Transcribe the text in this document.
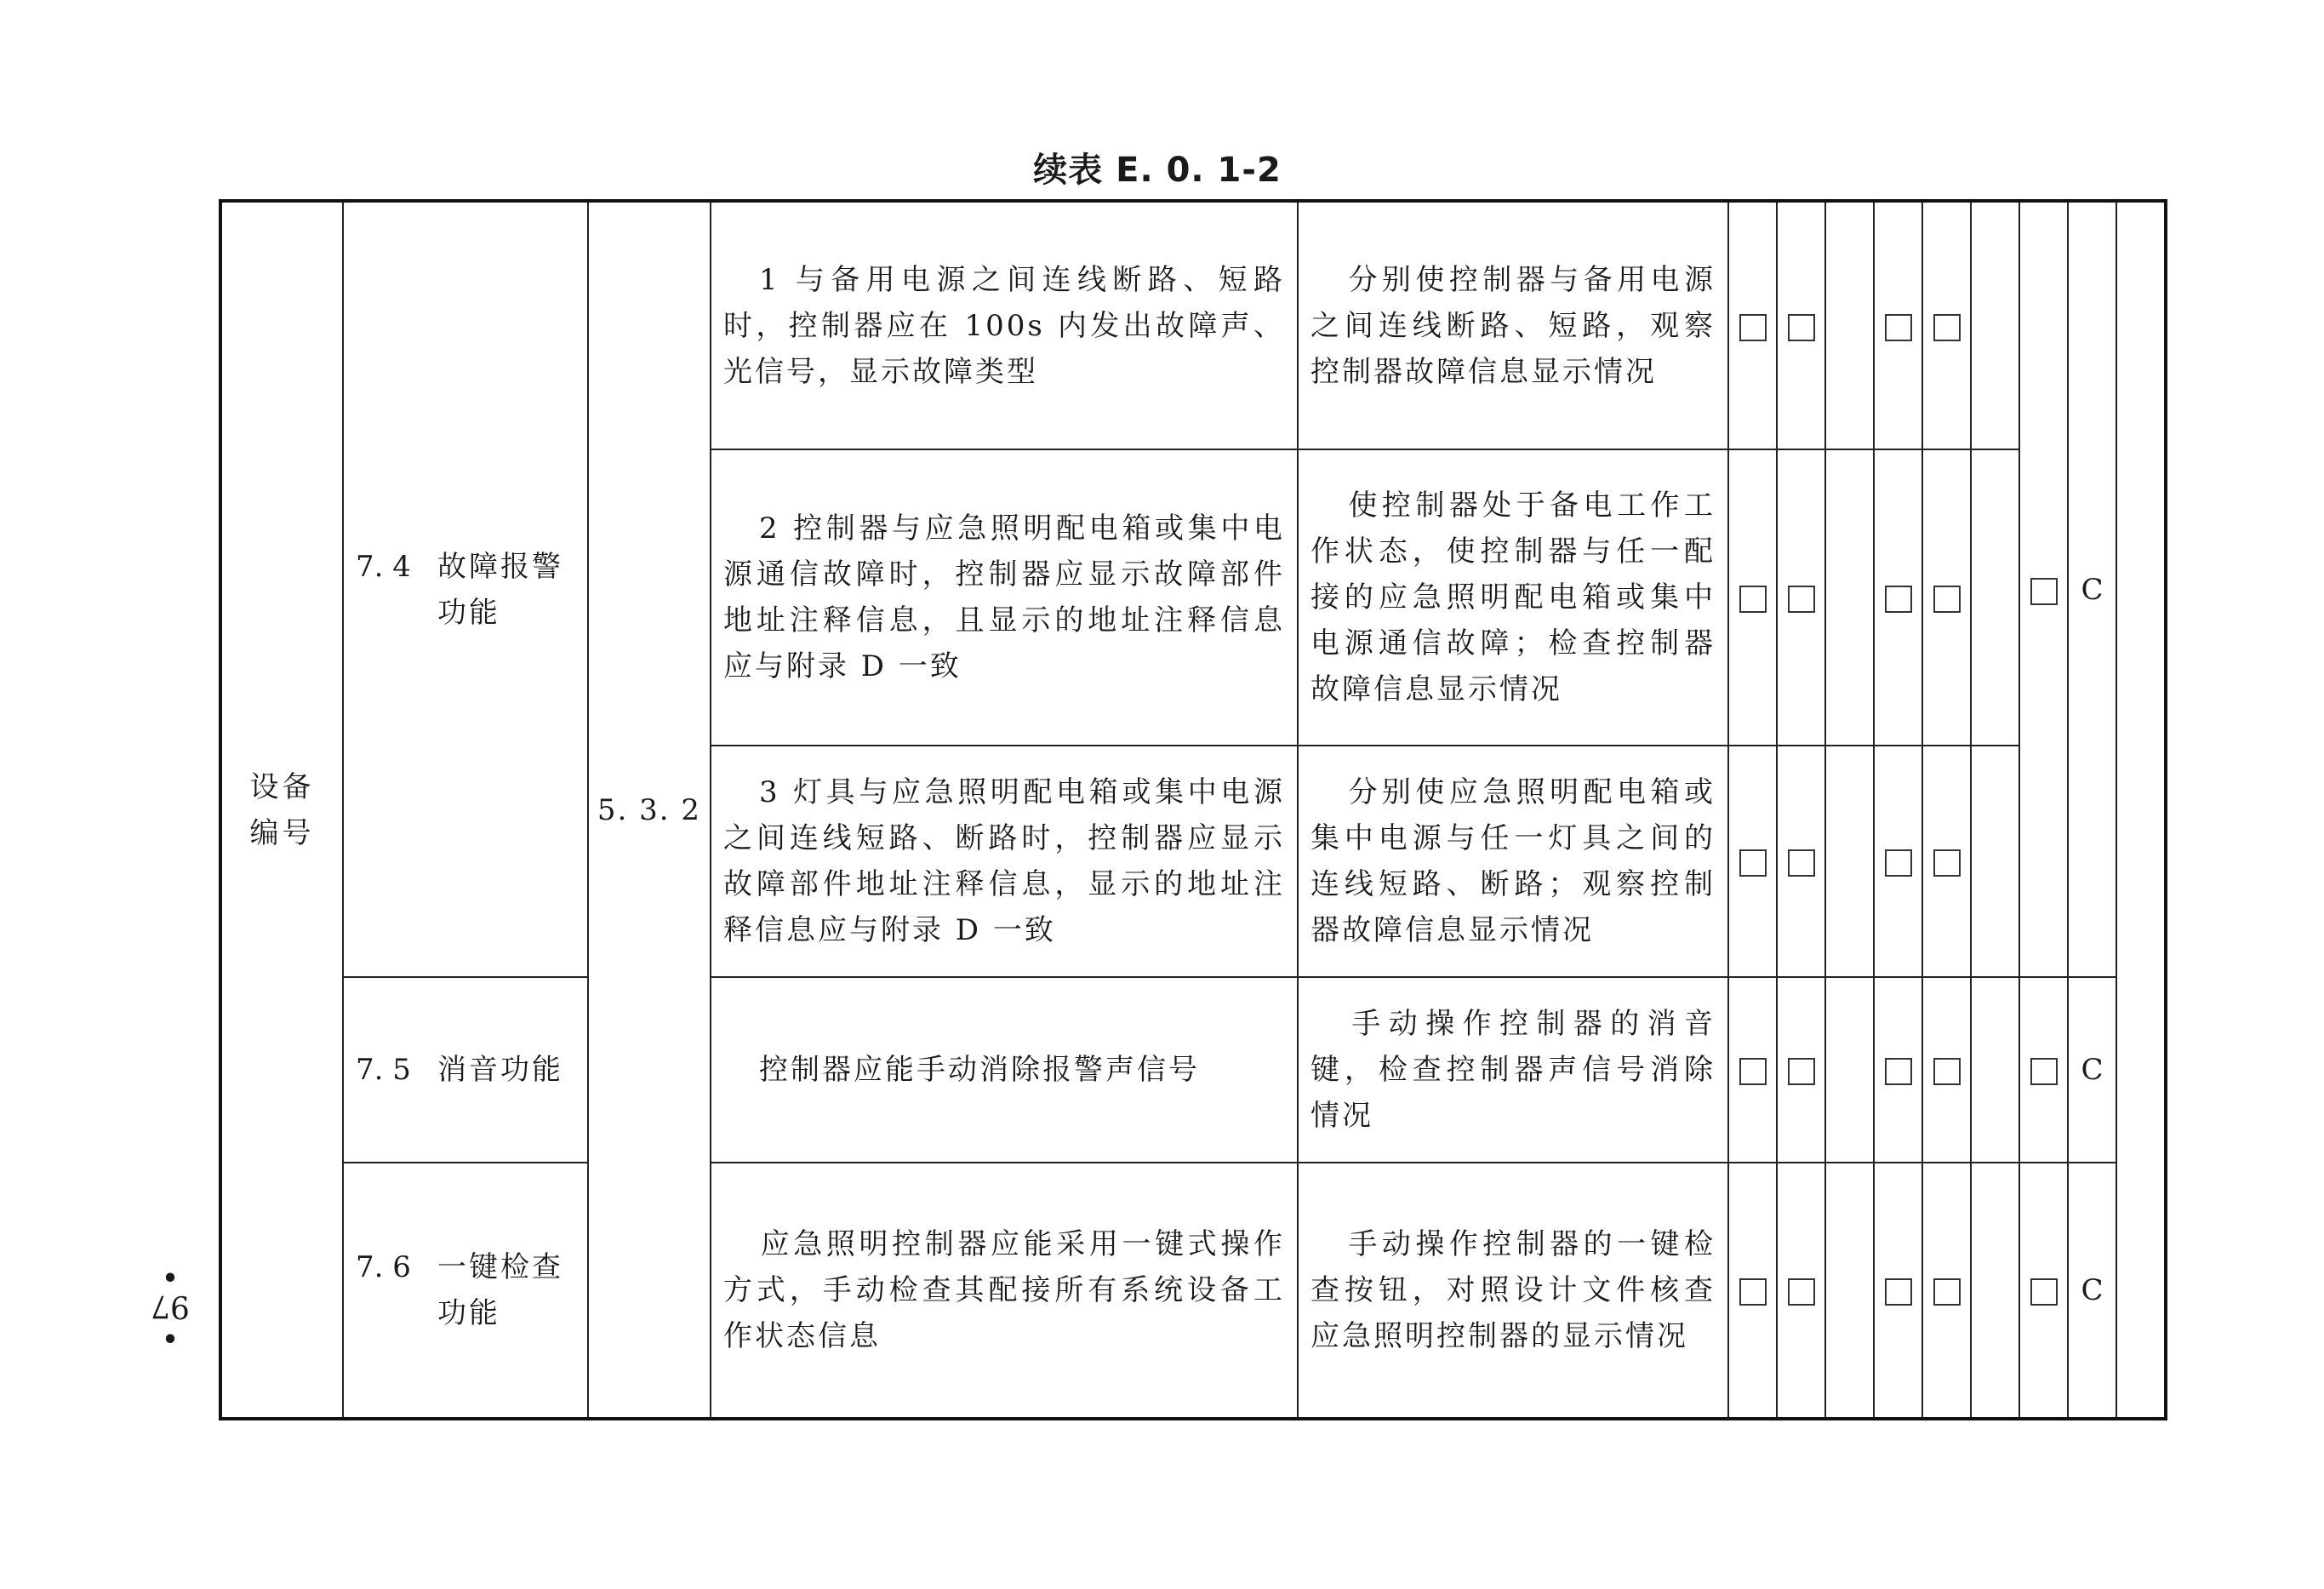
续表 E. 0. 1-2
设备
编号	7. 4 故障报警功能	5. 3. 2	1 与备用电源之间连线断路、短路时，控制器应在 100s 内发出故障声、光信号，显示故障类型	分别使控制器与备用电源之间连线断路、短路，观察控制器故障信息显示情况								C	
			2 控制器与应急照明配电箱或集中电源通信故障时，控制器应显示故障部件地址注释信息，且显示的地址注释信息应与附录 D 一致	使控制器处于备电工作工作状态，使控制器与任一配接的应急照明配电箱或集中电源通信故障；检查控制器故障信息显示情况									
			3 灯具与应急照明配电箱或集中电源之间连线短路、断路时，控制器应显示故障部件地址注释信息，显示的地址注释信息应与附录 D 一致	分别使应急照明配电箱或集中电源与任一灯具之间的连线短路、断路；观察控制器故障信息显示情况									

	7. 5 消音功能		控制器应能手动消除报警声信号	手动操作控制器的消音键，检查控制器声信号消除情况								C	

	7. 6 一键检查功能		应急照明控制器应能采用一键式操作方式，手动检查其配接所有系统设备工作状态信息	手动操作控制器的一键检查按钮，对照设计文件核查应急照明控制器的显示情况								C	
• 97 •
